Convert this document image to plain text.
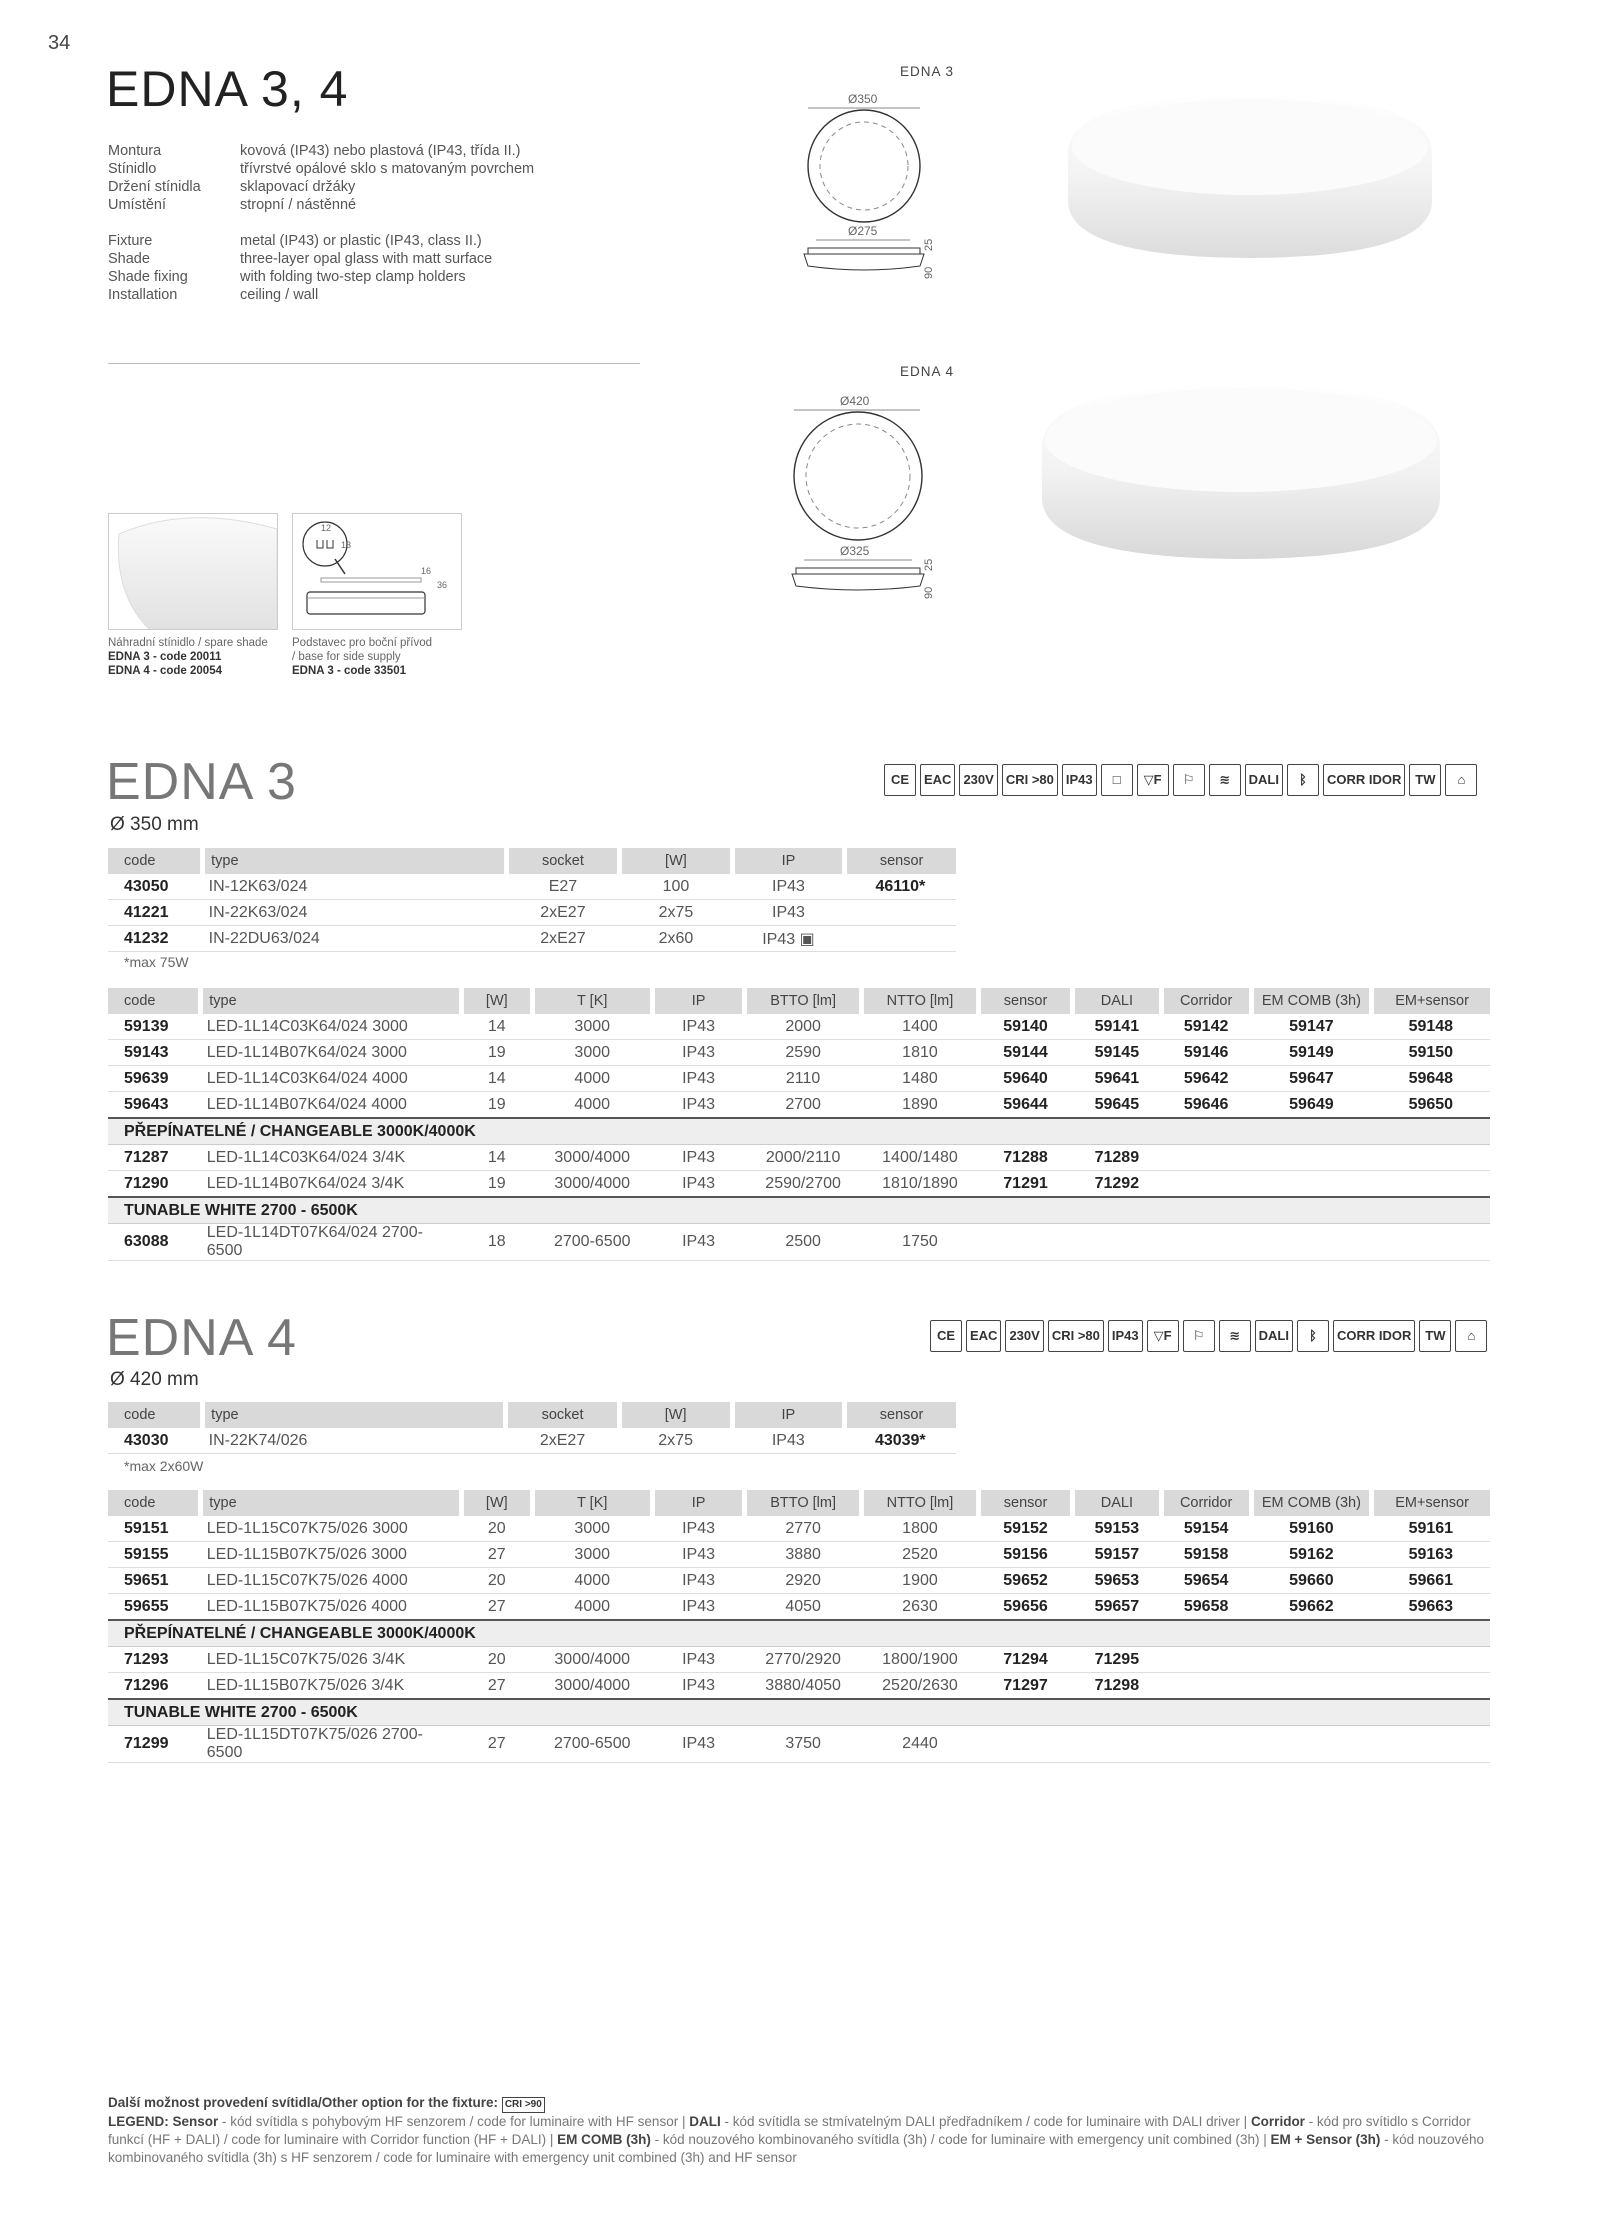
34
EDNA 3, 4
Montura	kovová (IP43) nebo plastová (IP43, třída II.)
Stínidlo	třívrstvé opálové sklo s matovaným povrchem
Držení stínidla	sklapovací držáky
Umístění	stropní / nástěnné
Fixture	metal (IP43) or plastic (IP43, class II.)
Shade	three-layer opal glass with matt surface
Shade fixing	with folding two-step clamp holders
Installation	ceiling / wall
12
13
16
36
Náhradní stínidlo / spare shade
EDNA 3 - code 20011
EDNA 4 - code 20054
Podstavec pro boční přívod
/ base for side supply
EDNA 3 - code 33501
EDNA 3
Ø350
Ø275
25
90
EDNA 4
Ø420
Ø325
25
90
EDNA 3
Ø 350 mm
CE	EAC 230V CRI >80 IP43	□	▽F	⚐	≋	DALI	ᛒ	CORR IDOR	TW	⌂
code	type	socket	[W]	IP	sensor
43050	IN-12K63/024	E27	100	IP43	46110*
41221	IN-22K63/024	2xE27	2x75	IP43	
41232	IN-22DU63/024	2xE27	2x60	IP43 ▣	
*max 75W
code	type	[W]	T [K]	IP	BTTO [lm]	NTTO [lm]	sensor	DALI	Corridor	EM COMB (3h)	EM+sensor
59139	LED-1L14C03K64/024 3000	14	3000	IP43	2000	1400	59140	59141	59142	59147	59148
59143	LED-1L14B07K64/024 3000	19	3000	IP43	2590	1810	59144	59145	59146	59149	59150
59639	LED-1L14C03K64/024 4000	14	4000	IP43	2110	1480	59640	59641	59642	59647	59648
59643	LED-1L14B07K64/024 4000	19	4000	IP43	2700	1890	59644	59645	59646	59649	59650
PŘEPÍNATELNÉ / CHANGEABLE 3000K/4000K											
71287	LED-1L14C03K64/024 3/4K	14	3000/4000	IP43	2000/2110	1400/1480	71288	71289			
71290	LED-1L14B07K64/024 3/4K	19	3000/4000	IP43	2590/2700	1810/1890	71291	71292			
TUNABLE WHITE 2700 - 6500K											
63088	LED-1L14DT07K64/024 2700-6500	18	2700-6500	IP43	2500	1750					
EDNA 4
Ø 420 mm
CE	EAC 230V CRI >80 IP43	▽F	⚐	≋	DALI	ᛒ	CORR IDOR	TW	⌂
code	type	socket	[W]	IP	sensor
43030	IN-22K74/026	2xE27	2x75	IP43	43039*
*max 2x60W
code	type	[W]	T [K]	IP	BTTO [lm]	NTTO [lm]	sensor	DALI	Corridor	EM COMB (3h)	EM+sensor
59151	LED-1L15C07K75/026 3000	20	3000	IP43	2770	1800	59152	59153	59154	59160	59161
59155	LED-1L15B07K75/026 3000	27	3000	IP43	3880	2520	59156	59157	59158	59162	59163
59651	LED-1L15C07K75/026 4000	20	4000	IP43	2920	1900	59652	59653	59654	59660	59661
59655	LED-1L15B07K75/026 4000	27	4000	IP43	4050	2630	59656	59657	59658	59662	59663
PŘEPÍNATELNÉ / CHANGEABLE 3000K/4000K											
71293	LED-1L15C07K75/026 3/4K	20	3000/4000	IP43	2770/2920	1800/1900	71294	71295			
71296	LED-1L15B07K75/026 3/4K	27	3000/4000	IP43	3880/4050	2520/2630	71297	71298			
TUNABLE WHITE 2700 - 6500K											
71299	LED-1L15DT07K75/026 2700-6500	27	2700-6500	IP43	3750	2440					
Další možnost provedení svítidla/Other option for the fixture: CRI >90
LEGEND: Sensor - kód svítidla s pohybovým HF senzorem / code for luminaire with HF sensor | DALI - kód svítidla se stmívatelným DALI předřadníkem / code for luminaire with DALI driver | Corridor - kód pro svítidlo s Corridor funkcí (HF + DALI) / code for luminaire with Corridor function (HF + DALI) | EM COMB (3h) - kód nouzového kombinovaného svítidla (3h) / code for luminaire with emergency unit combined (3h) | EM + Sensor (3h) - kód nouzového kombinovaného svítidla (3h) s HF senzorem / code for luminaire with emergency unit combined (3h) and HF sensor
